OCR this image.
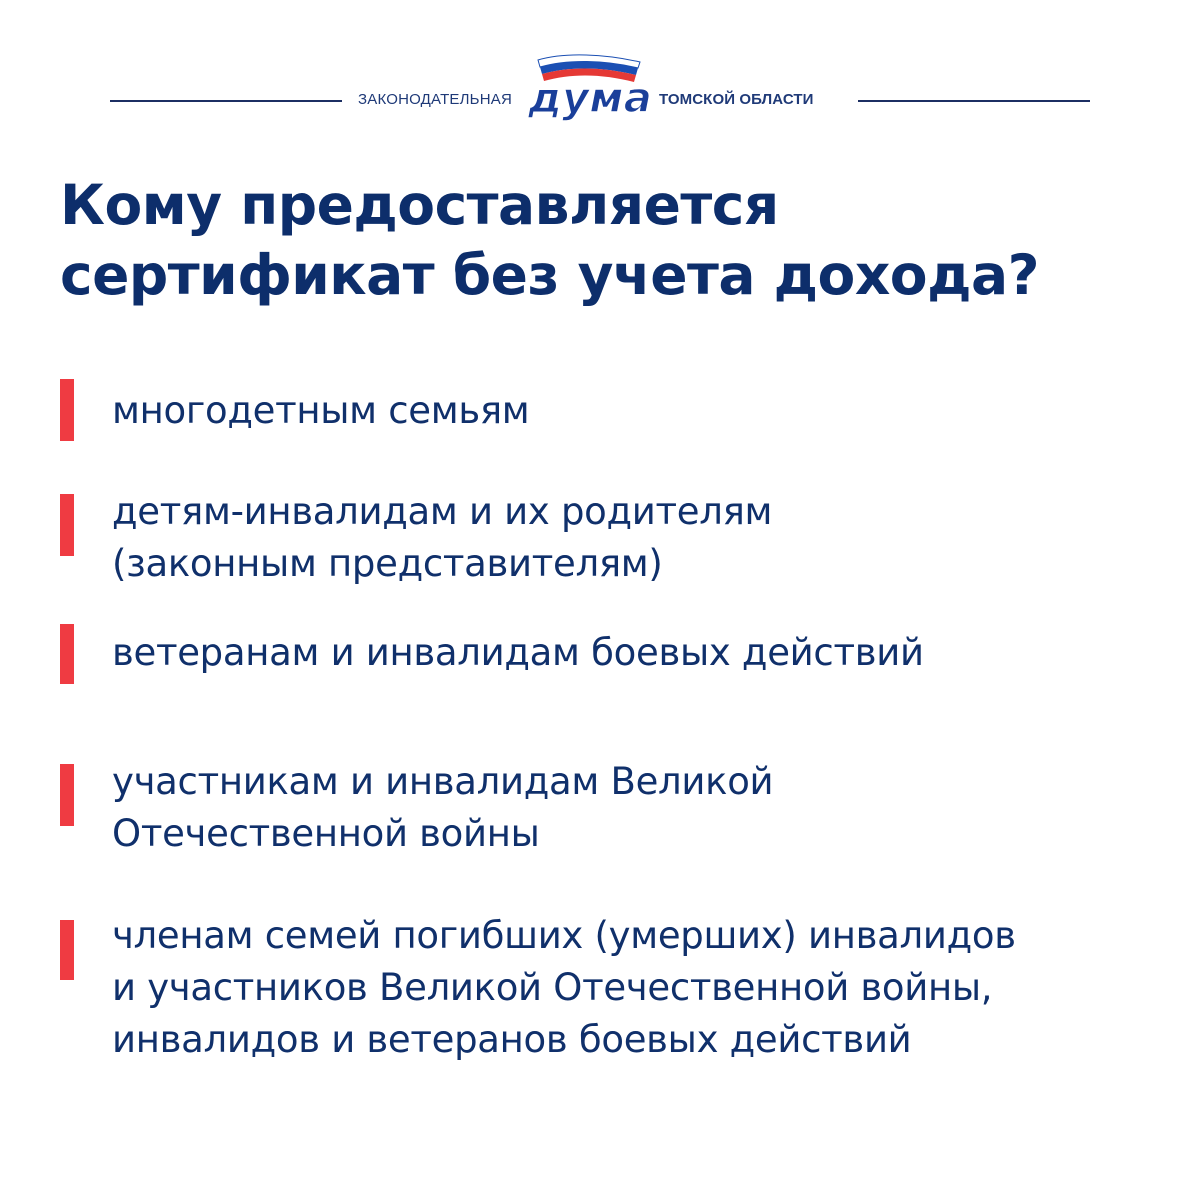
ЗАКОНОДАТЕЛЬНАЯ дума ТОМСКОЙ ОБЛАСТИ
Кому предоставляется
сертификат без учета дохода?
многодетным семьям
детям-инвалидам и их родителям
(законным представителям)
ветеранам и инвалидам боевых действий
участникам и инвалидам Великой
Отечественной войны
членам семей погибших (умерших) инвалидов
и участников Великой Отечественной войны,
инвалидов и ветеранов боевых действий
